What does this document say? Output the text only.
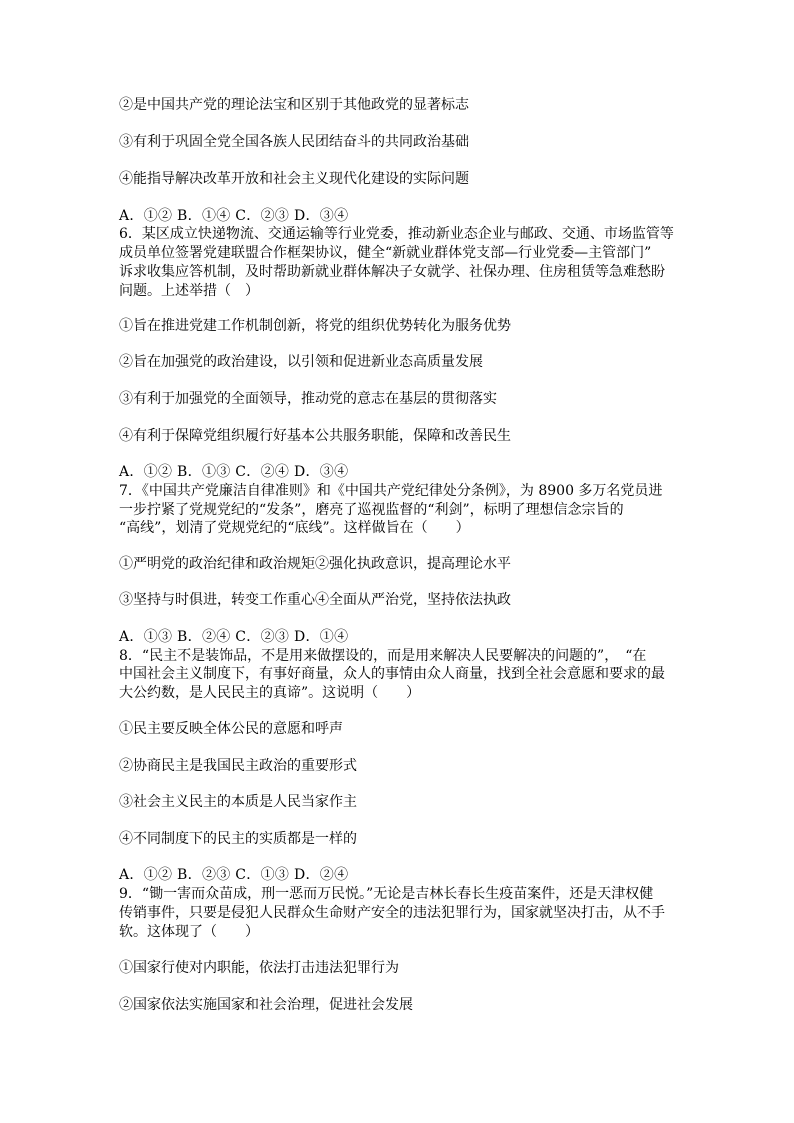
②是中国共产党的理论法宝和区别于其他政党的显著标志
③有利于巩固全党全国各族人民团结奋斗的共同政治基础
④能指导解决改革开放和社会主义现代化建设的实际问题
A．①② B．①④ C．②③ D．③④
6．某区成立快递物流、交通运输等行业党委，推动新业态企业与邮政、交通、市场监管等
成员单位签署党建联盟合作框架协议，健全“新就业群体党支部—行业党委—主管部门”
诉求收集应答机制，及时帮助新就业群体解决子女就学、社保办理、住房租赁等急难愁盼
问题。上述举措（　）
①旨在推进党建工作机制创新，将党的组织优势转化为服务优势
②旨在加强党的政治建设，以引领和促进新业态高质量发展
③有利于加强党的全面领导，推动党的意志在基层的贯彻落实
④有利于保障党组织履行好基本公共服务职能，保障和改善民生
A．①② B．①③ C．②④ D．③④
7．《中国共产党廉洁自律准则》和《中国共产党纪律处分条例》，为 8900 多万名党员进
一步拧紧了党规党纪的“发条”，磨亮了巡视监督的“利剑”，标明了理想信念宗旨的
“高线”，划清了党规党纪的“底线”。这样做旨在（　　）
①严明党的政治纪律和政治规矩②强化执政意识，提高理论水平
③坚持与时俱进，转变工作重心④全面从严治党，坚持依法执政
A．①③ B．②④ C．②③ D．①④
8．“民主不是装饰品，不是用来做摆设的，而是用来解决人民要解决的问题的”，　“在
中国社会主义制度下，有事好商量，众人的事情由众人商量，找到全社会意愿和要求的最
大公约数，是人民民主的真谛”。这说明（　　）
①民主要反映全体公民的意愿和呼声
②协商民主是我国民主政治的重要形式
③社会主义民主的本质是人民当家作主
④不同制度下的民主的实质都是一样的
A．①② B．②③ C．①③ D．②④
9．“锄一害而众苗成，刑一恶而万民悦。”无论是吉林长春长生疫苗案件，还是天津权健
传销事件，只要是侵犯人民群众生命财产安全的违法犯罪行为，国家就坚决打击，从不手
软。这体现了（　　）
①国家行使对内职能，依法打击违法犯罪行为
②国家依法实施国家和社会治理，促进社会发展
